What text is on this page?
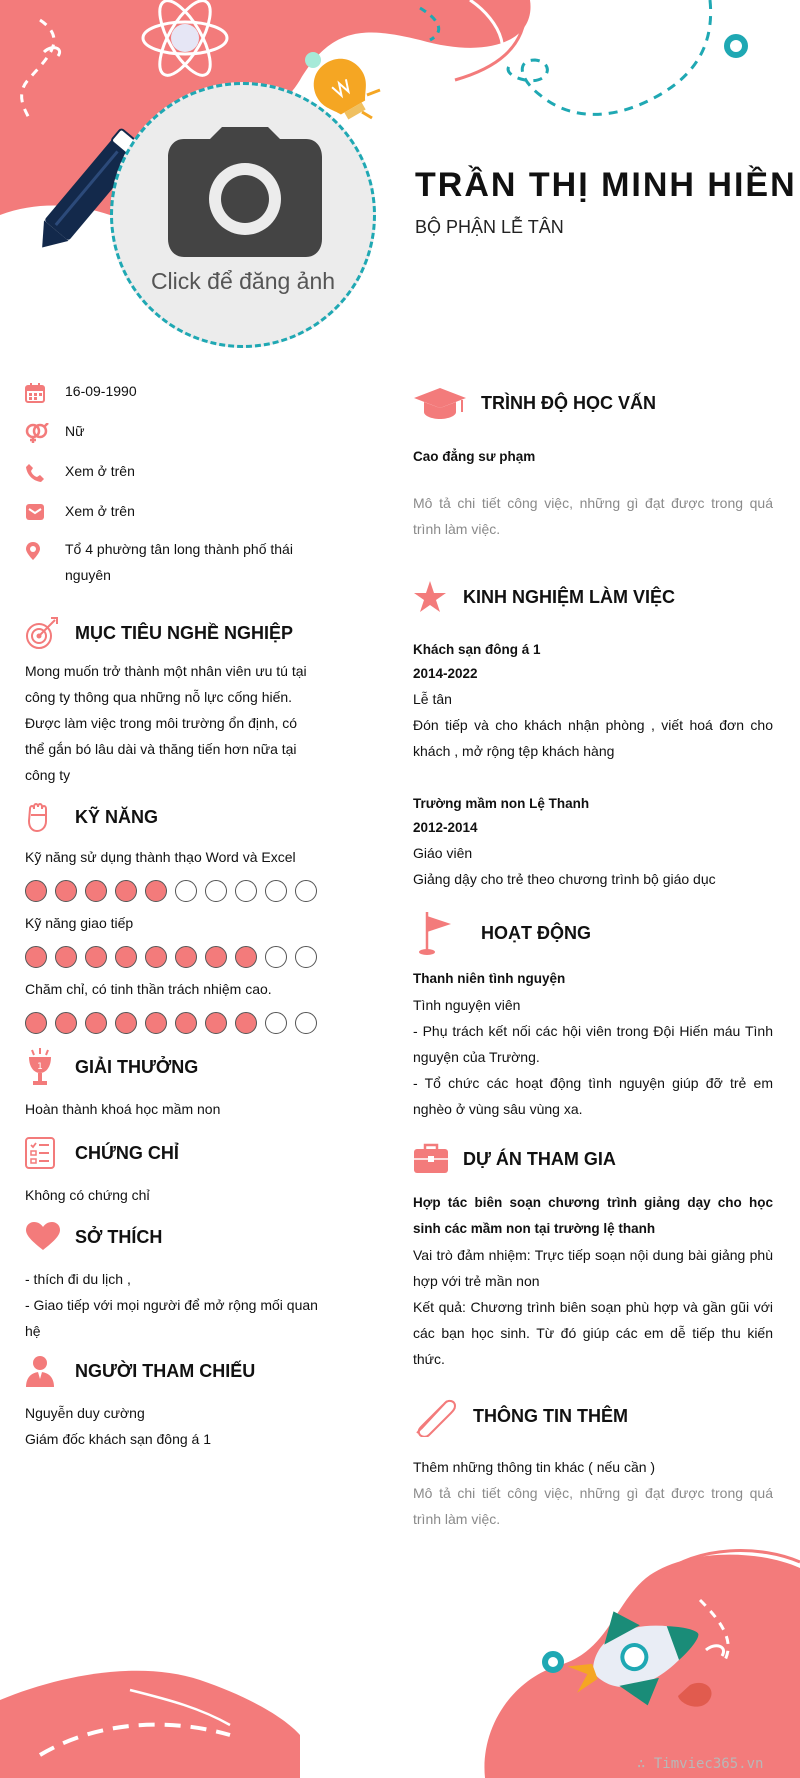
Click để đăng ảnh
TRẦN THỊ MINH HIỀN
BỘ PHẬN LỄ TÂN
16-09-1990
Nữ
Xem ở trên
Xem ở trên
Tổ 4 phường tân long thành phố thái nguyên
MỤC TIÊU NGHỀ NGHIỆP
Mong muốn trở thành một nhân viên ưu tú tại công ty thông qua những nỗ lực cống hiến. Được làm việc trong môi trường ổn định, có thể gắn bó lâu dài và thăng tiến hơn nữa tại công ty
KỸ NĂNG
Kỹ năng sử dụng thành thạo Word và Excel
Kỹ năng giao tiếp
Chăm chỉ, có tinh thần trách nhiệm cao.
1 GIẢI THƯỞNG
Hoàn thành khoá học mầm non
CHỨNG CHỈ
Không có chứng chỉ
SỞ THÍCH
- thích đi du lịch ,
- Giao tiếp với mọi người để mở rộng mối quan hệ
NGƯỜI THAM CHIẾU
Nguyễn duy cường
Giám đốc khách sạn đông á 1
TRÌNH ĐỘ HỌC VẤN
Cao đẳng sư phạm
Mô tả chi tiết công việc, những gì đạt được trong quá trình làm việc.
KINH NGHIỆM LÀM VIỆC
Khách sạn đông á 1
2014-2022
Lễ tân
Đón tiếp và cho khách nhận phòng , viết hoá đơn cho khách , mở rộng tệp khách hàng
Trường mầm non Lệ Thanh
2012-2014
Giáo viên
Giảng dậy cho trẻ theo chương trình bộ giáo dục
HOẠT ĐỘNG
Thanh niên tình nguyện
Tình nguyện viên
- Phụ trách kết nối các hội viên trong Đội Hiến máu Tình nguyện của Trường.
- Tổ chức các hoạt động tình nguyện giúp đỡ trẻ em nghèo ở vùng sâu vùng xa.
DỰ ÁN THAM GIA
Hợp tác biên soạn chương trình giảng dạy cho học sinh các mầm non tại trường lệ thanh
Vai trò đảm nhiệm: Trực tiếp soạn nội dung bài giảng phù hợp với trẻ mần non
Kết quả: Chương trình biên soạn phù hợp và gần gũi với các bạn học sinh. Từ đó giúp các em dễ tiếp thu kiến thức.
THÔNG TIN THÊM
Thêm những thông tin khác ( nếu cần )
Mô tả chi tiết công việc, những gì đạt được trong quá trình làm việc.
∴ Timviec365.vn
